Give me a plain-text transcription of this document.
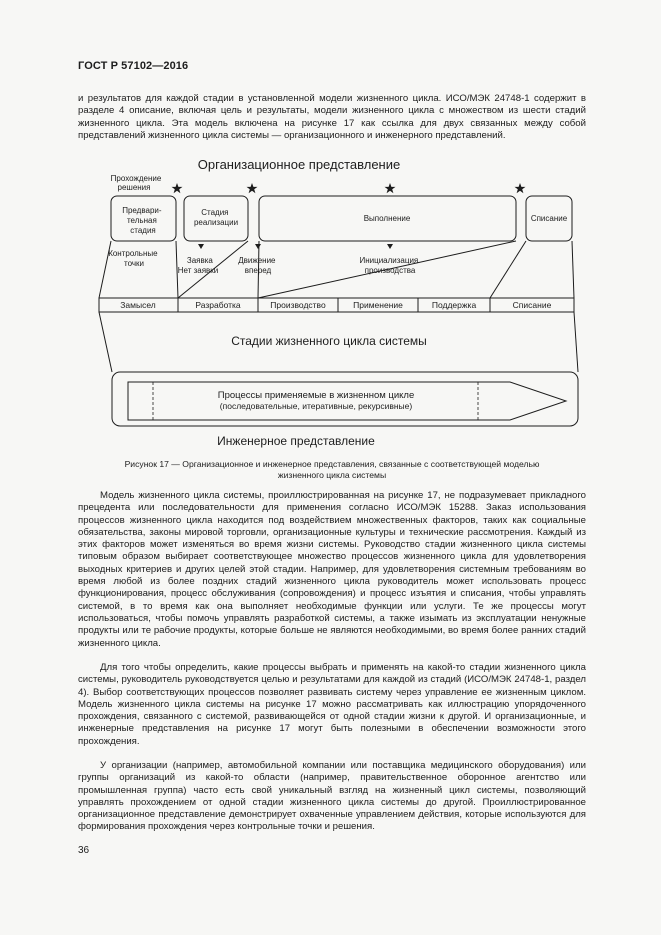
ГОСТ Р 57102—2016

и результатов для каждой стадии в установленной модели жизненного цикла. ИСО/МЭК 24748-1 содержит в разделе 4 описание, включая цель и результаты, модели жизненного цикла с множеством из шести стадий жизненного цикла. Эта модель включена на рисунке 17 как ссылка для двух связанных между собой представлений жизненного цикла системы — организационного и инженерного представлений.

Организационное представление
Прохождение
решения
Предвари- тельная стадия
Стадия реализации	Выполнение	Списание
Контрольные точки	Заявка Нет заявки
Движение вперед
Инициализация производства
Замысел	Разработка	Производство	Применение	Поддержка	Списание
Стадии жизненного цикла системы
Процессы применяемые в жизненном цикле
(последовательные, итеративные, рекурсивные)
Инженерное представление
Рисунок 17 — Организационное и инженерное представления, связанные с соответствующей моделью
жизненного цикла системы

Модель жизненного цикла системы, проиллюстрированная на рисунке 17, не подразумевает прикладного прецедента или последовательности для применения согласно ИСО/МЭК 15288. Заказ использования процессов жизненного цикла находится под воздействием множественных факторов, таких как социальные обязательства, законы мировой торговли, организационные культуры и технические рассмотрения. Каждый из этих факторов может изменяться во время жизни системы. Руководство стадии жизненного цикла системы типовым образом выбирает соответствующее множество процессов жизненного цикла для удовлетворения выходных критериев и других целей этой стадии. Например, для удовлетворения системным требованиям во время любой из более поздних стадий жизненного цикла руководитель может использовать процесс функционирования, процесс обслуживания (сопровождения) и процесс изъятия и списания, чтобы управлять системой, в то время как она выполняет необходимые функции или услуги. Те же процессы могут использоваться, чтобы помочь управлять разработкой системы, а также изымать из эксплуатации ненужные продукты или те рабочие продукты, которые больше не являются необходимыми, во время более ранних стадий жизненного цикла.

Для того чтобы определить, какие процессы выбрать и применять на какой-то стадии жизненного цикла системы, руководитель руководствуется целью и результатами для каждой из стадий (ИСО/МЭК 24748-1, раздел 4). Выбор соответствующих процессов позволяет развивать систему через управление ее жизненным циклом. Модель жизненного цикла системы на рисунке 17 можно рассматривать как иллюстрацию упорядоченного прохождения, связанного с системой, развивающейся от одной стадии жизни к другой. И организационные, и инженерные представления на рисунке 17 могут быть полезными в обеспечении возможности этого прохождения.

У организации (например, автомобильной компании или поставщика медицинского оборудования) или группы организаций из какой-то области (например, правительственное оборонное агентство или промышленная группа) часто есть свой уникальный взгляд на жизненный цикл системы, позволяющий управлять прохождением от одной стадии жизненного цикла системы до другой. Проиллюстрированное организационное представление демонстрирует охваченные управлением действия, которые используются для формирования прохождения через контрольные точки и решения.

36
